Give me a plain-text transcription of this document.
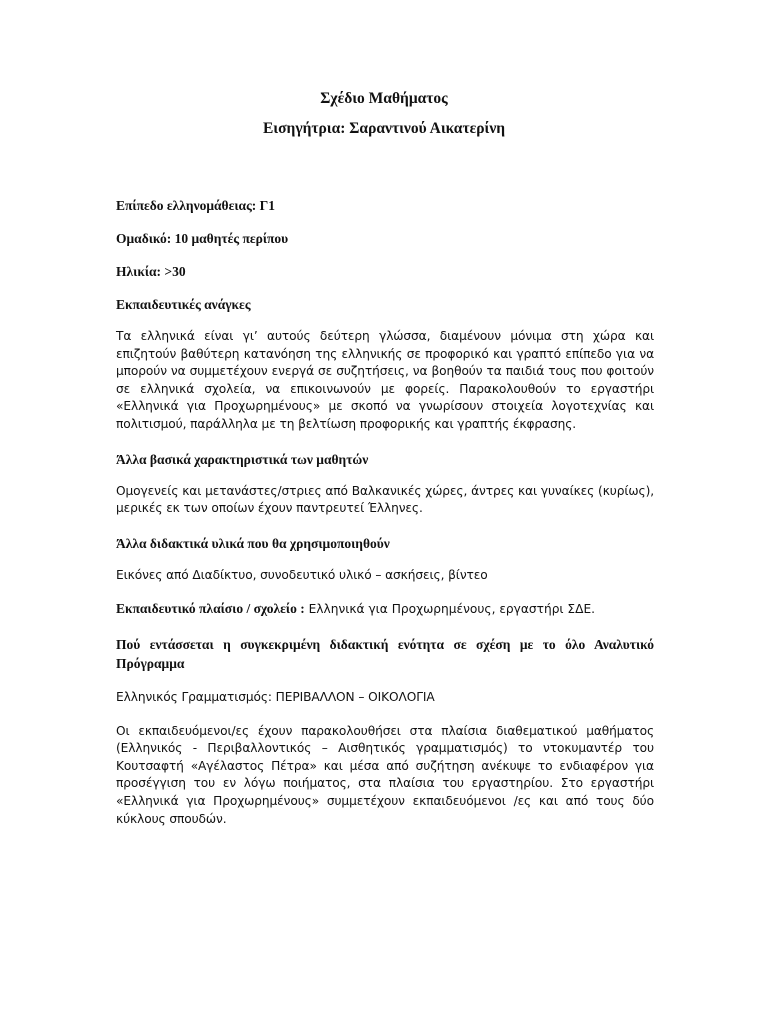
Σχέδιο Μαθήματος
Εισηγήτρια: Σαραντινού Αικατερίνη

Επίπεδο ελληνομάθειας: Γ1

Ομαδικό: 10 μαθητές περίπου

Ηλικία: >30

Εκπαιδευτικές ανάγκες

Τα ελληνικά είναι γι’ αυτούς δεύτερη γλώσσα, διαμένουν μόνιμα στη χώρα και επιζητούν βαθύτερη κατανόηση της ελληνικής σε προφορικό και γραπτό επίπεδο για να μπορούν να συμμετέχουν ενεργά σε συζητήσεις, να βοηθούν τα παιδιά τους που φοιτούν σε ελληνικά σχολεία, να επικοινωνούν με φορείς. Παρακολουθούν το εργαστήρι «Ελληνικά για Προχωρημένους» με σκοπό να γνωρίσουν στοιχεία λογοτεχνίας και πολιτισμού, παράλληλα με τη βελτίωση προφορικής και γραπτής έκφρασης.

Άλλα βασικά χαρακτηριστικά των μαθητών

Ομογενείς και μετανάστες/στριες από Βαλκανικές χώρες, άντρες και γυναίκες (κυρίως), μερικές εκ των οποίων έχουν παντρευτεί Έλληνες.

Άλλα διδακτικά υλικά που θα χρησιμοποιηθούν

Εικόνες από Διαδίκτυο, συνοδευτικό υλικό – ασκήσεις, βίντεο

Εκπαιδευτικό πλαίσιο / σχολείο : Ελληνικά για Προχωρημένους, εργαστήρι ΣΔΕ.

Πού εντάσσεται η συγκεκριμένη διδακτική ενότητα σε σχέση με το όλο Αναλυτικό Πρόγραμμα

Ελληνικός Γραμματισμός: ΠΕΡΙΒΑΛΛΟΝ – ΟΙΚΟΛΟΓΙΑ

Οι εκπαιδευόμενοι/ες έχουν παρακολουθήσει στα πλαίσια διαθεματικού μαθήματος (Ελληνικός - Περιβαλλοντικός – Αισθητικός γραμματισμός) το ντοκυμαντέρ του Κουτσαφτή «Αγέλαστος Πέτρα» και μέσα από συζήτηση ανέκυψε το ενδιαφέρον για προσέγγιση του εν λόγω ποιήματος, στα πλαίσια του εργαστηρίου. Στο εργαστήρι «Ελληνικά για Προχωρημένους» συμμετέχουν εκπαιδευόμενοι /ες και από τους δύο κύκλους σπουδών.
